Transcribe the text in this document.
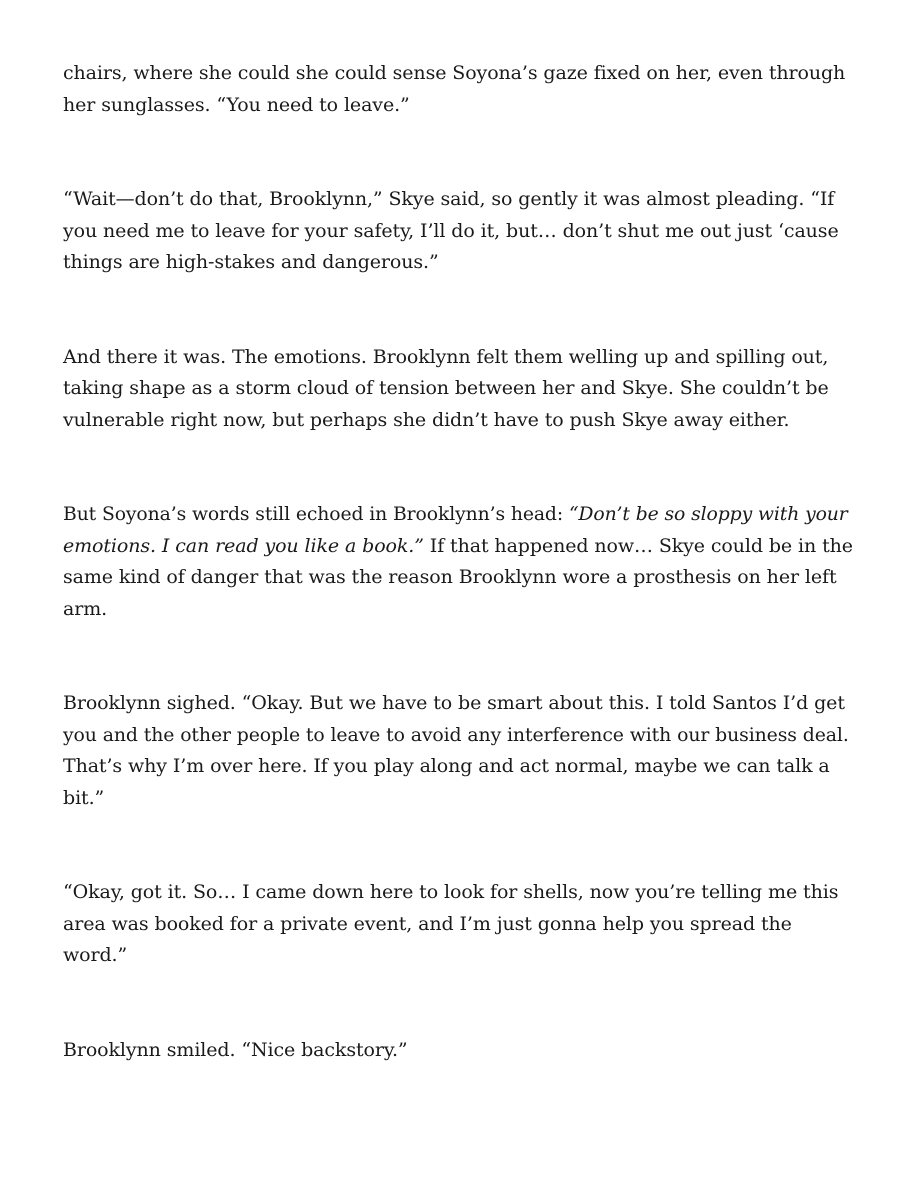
chairs, where she could she could sense Soyona’s gaze fixed on her, even through
her sunglasses. “You need to leave.”

“Wait—don’t do that, Brooklynn,” Skye said, so gently it was almost pleading. “If
you need me to leave for your safety, I’ll do it, but… don’t shut me out just ‘cause
things are high-stakes and dangerous.”

And there it was. The emotions. Brooklynn felt them welling up and spilling out,
taking shape as a storm cloud of tension between her and Skye. She couldn’t be
vulnerable right now, but perhaps she didn’t have to push Skye away either.

But Soyona’s words still echoed in Brooklynn’s head: “Don’t be so sloppy with your
emotions. I can read you like a book.” If that happened now… Skye could be in the
same kind of danger that was the reason Brooklynn wore a prosthesis on her left
arm.

Brooklynn sighed. “Okay. But we have to be smart about this. I told Santos I’d get
you and the other people to leave to avoid any interference with our business deal.
That’s why I’m over here. If you play along and act normal, maybe we can talk a
bit.”

“Okay, got it. So… I came down here to look for shells, now you’re telling me this
area was booked for a private event, and I’m just gonna help you spread the
word.”

Brooklynn smiled. “Nice backstory.”
